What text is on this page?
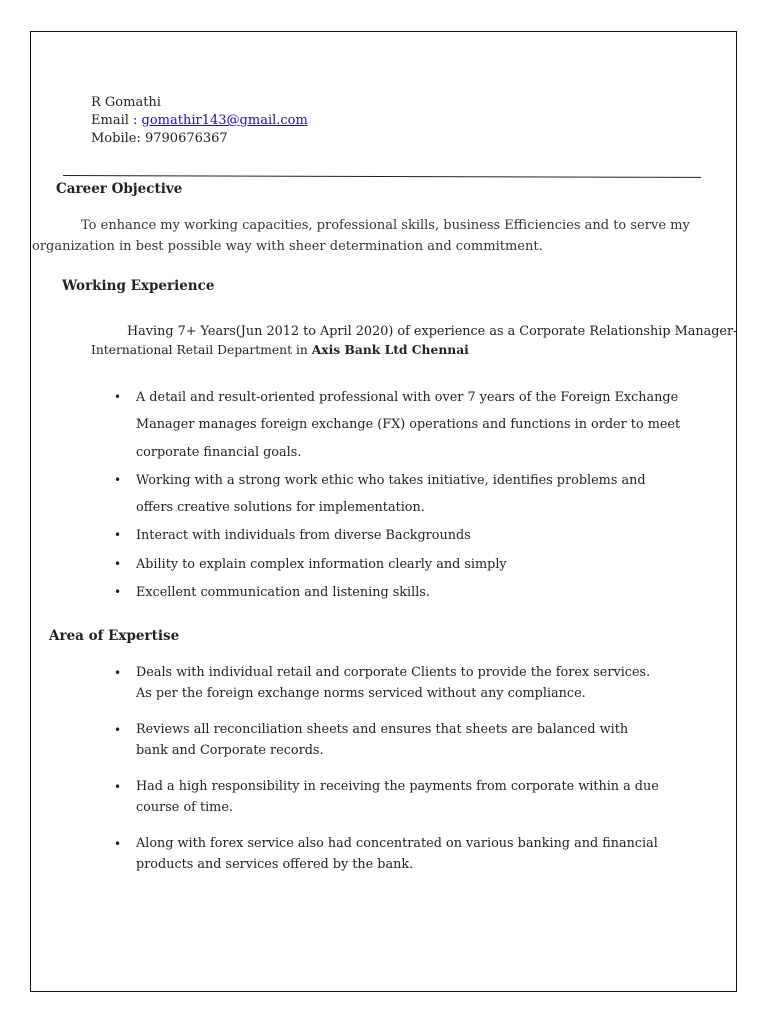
R Gomathi
Email : gomathir143@gmail.com
Mobile: 9790676367
Career Objective
To enhance my working capacities, professional skills, business Efficiencies and to serve my
organization in best possible way with sheer determination and commitment.
Working Experience
Having 7+ Years(Jun 2012 to April 2020) of experience as a Corporate Relationship Manager-
International Retail Department in Axis Bank Ltd Chennai
• A detail and result-oriented professional with over 7 years of the Foreign Exchange
Manager manages foreign exchange (FX) operations and functions in order to meet
corporate financial goals.
• Working with a strong work ethic who takes initiative, identifies problems and
offers creative solutions for implementation.
• Interact with individuals from diverse Backgrounds
• Ability to explain complex information clearly and simply
• Excellent communication and listening skills.
Area of Expertise
• Deals with individual retail and corporate Clients to provide the forex services.
As per the foreign exchange norms serviced without any compliance.
• Reviews all reconciliation sheets and ensures that sheets are balanced with
bank and Corporate records.
• Had a high responsibility in receiving the payments from corporate within a due
course of time.
• Along with forex service also had concentrated on various banking and financial
products and services offered by the bank.
